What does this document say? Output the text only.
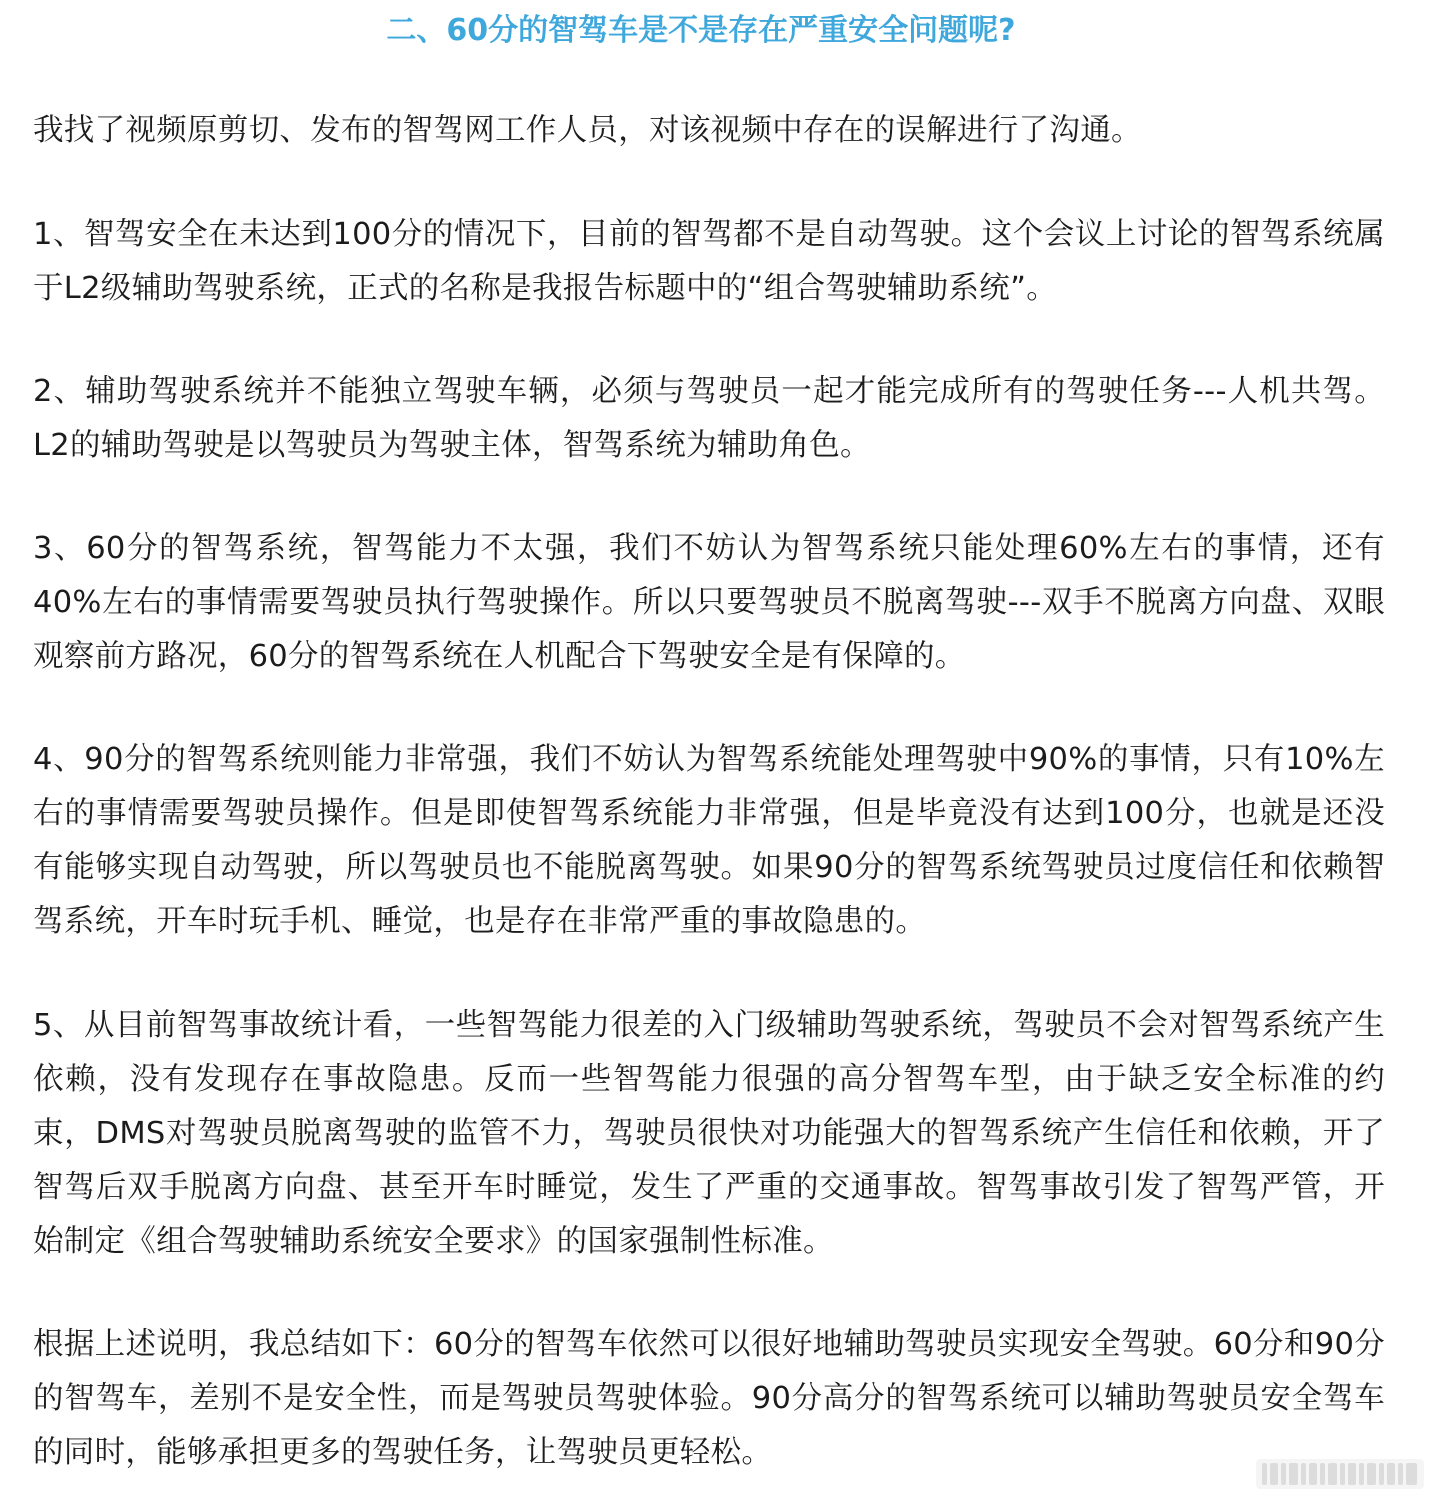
二、60分的智驾车是不是存在严重安全问题呢?

我找了视频原剪切、发布的智驾网工作人员，对该视频中存在的误解进行了沟通。

1、智驾安全在未达到100分的情况下，目前的智驾都不是自动驾驶。这个会议上讨论的智驾系统属于L2级辅助驾驶系统，正式的名称是我报告标题中的“组合驾驶辅助系统”。

2、辅助驾驶系统并不能独立驾驶车辆，必须与驾驶员一起才能完成所有的驾驶任务---人机共驾。L2的辅助驾驶是以驾驶员为驾驶主体，智驾系统为辅助角色。

3、60分的智驾系统，智驾能力不太强，我们不妨认为智驾系统只能处理60%左右的事情，还有40%左右的事情需要驾驶员执行驾驶操作。所以只要驾驶员不脱离驾驶---双手不脱离方向盘、双眼观察前方路况，60分的智驾系统在人机配合下驾驶安全是有保障的。

4、90分的智驾系统则能力非常强，我们不妨认为智驾系统能处理驾驶中90%的事情，只有10%左右的事情需要驾驶员操作。但是即使智驾系统能力非常强，但是毕竟没有达到100分，也就是还没有能够实现自动驾驶，所以驾驶员也不能脱离驾驶。如果90分的智驾系统驾驶员过度信任和依赖智驾系统，开车时玩手机、睡觉，也是存在非常严重的事故隐患的。

5、从目前智驾事故统计看，一些智驾能力很差的入门级辅助驾驶系统，驾驶员不会对智驾系统产生依赖，没有发现存在事故隐患。反而一些智驾能力很强的高分智驾车型，由于缺乏安全标准的约束，DMS对驾驶员脱离驾驶的监管不力，驾驶员很快对功能强大的智驾系统产生信任和依赖，开了智驾后双手脱离方向盘、甚至开车时睡觉，发生了严重的交通事故。智驾事故引发了智驾严管，开始制定《组合驾驶辅助系统安全要求》的国家强制性标准。

根据上述说明，我总结如下：60分的智驾车依然可以很好地辅助驾驶员实现安全驾驶。60分和90分的智驾车，差别不是安全性，而是驾驶员驾驶体验。90分高分的智驾系统可以辅助驾驶员安全驾车的同时，能够承担更多的驾驶任务，让驾驶员更轻松。
